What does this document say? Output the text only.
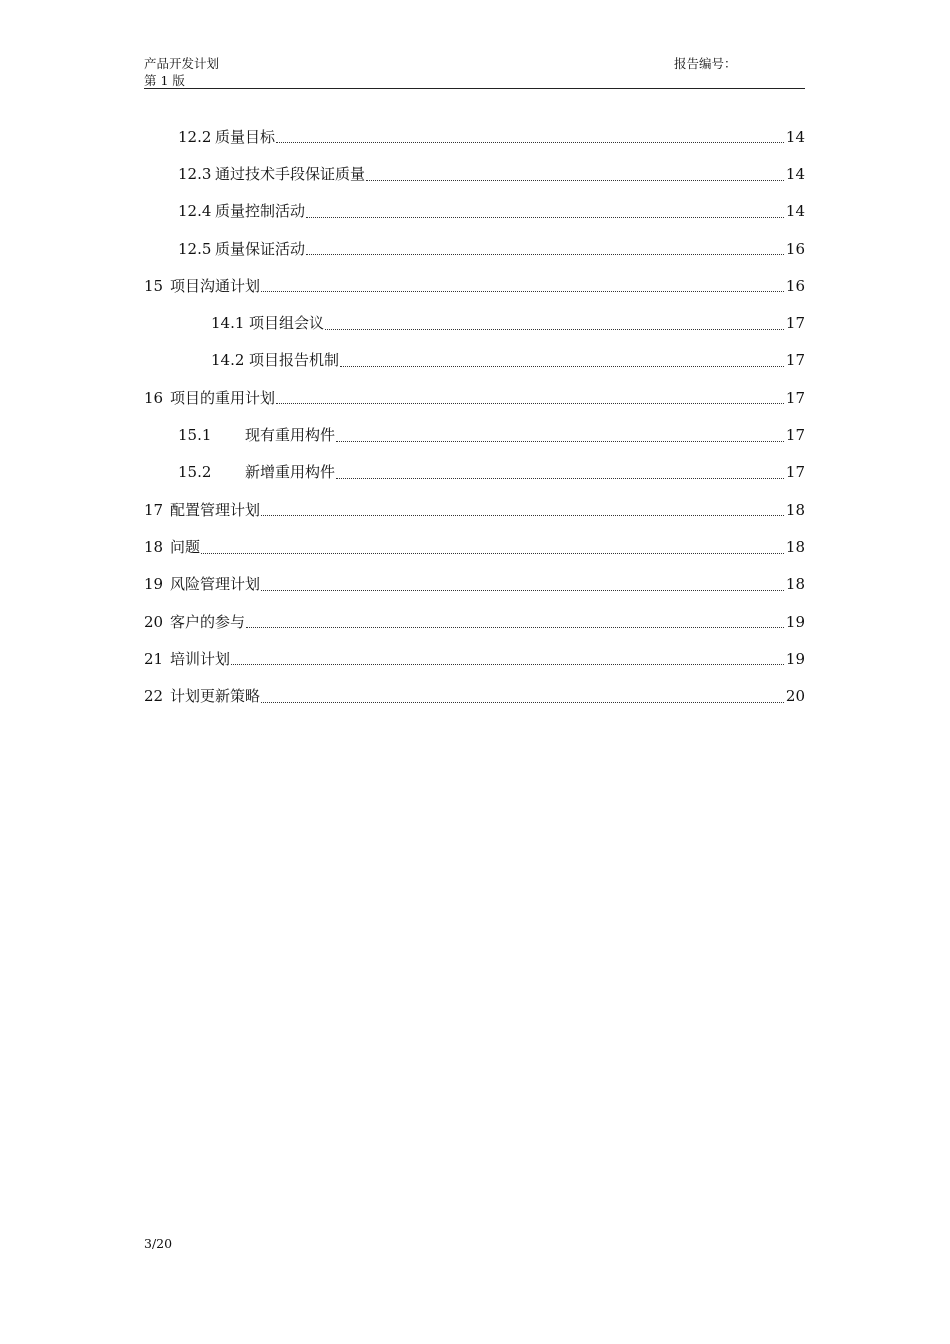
产品开发计划
第 1 版
报告编号：
12.2 质量目标	14
12.3 通过技术手段保证质量	14
12.4 质量控制活动	14
12.5 质量保证活动	16
15 项目沟通计划	16
14.1 项目组会议	17
14.2 项目报告机制	17
16 项目的重用计划	17
15.1	现有重用构件	17
15.2	新增重用构件	17
17 配置管理计划	18
18 问题	18
19 风险管理计划	18
20 客户的参与	19
21 培训计划	19
22 计划更新策略	20
3/20
